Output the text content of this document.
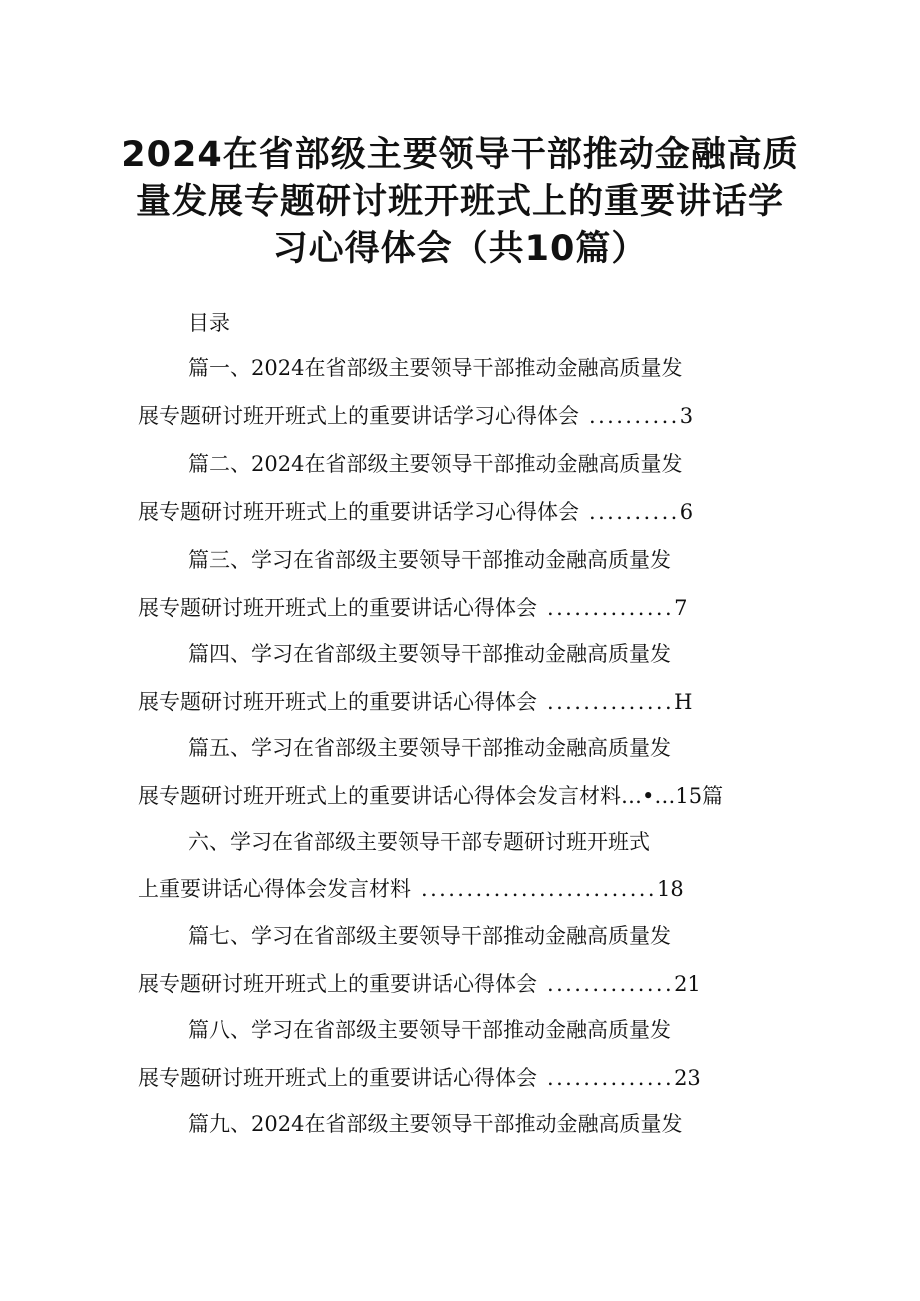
2024在省部级主要领导干部推动金融高质
量发展专题研讨班开班式上的重要讲话学
习心得体会（共10篇）
目录
篇一、2024在省部级主要领导干部推动金融高质量发
展专题研讨班开班式上的重要讲话学习心得体会 ..........3
篇二、2024在省部级主要领导干部推动金融高质量发
展专题研讨班开班式上的重要讲话学习心得体会 ..........6
篇三、学习在省部级主要领导干部推动金融高质量发
展专题研讨班开班式上的重要讲话心得体会 ..............7
篇四、学习在省部级主要领导干部推动金融高质量发
展专题研讨班开班式上的重要讲话心得体会 ..............H
篇五、学习在省部级主要领导干部推动金融高质量发
展专题研讨班开班式上的重要讲话心得体会发言材料…•…15篇
六、学习在省部级主要领导干部专题研讨班开班式
上重要讲话心得体会发言材料 ..........................18
篇七、学习在省部级主要领导干部推动金融高质量发
展专题研讨班开班式上的重要讲话心得体会 ..............21
篇八、学习在省部级主要领导干部推动金融高质量发
展专题研讨班开班式上的重要讲话心得体会 ..............23
篇九、2024在省部级主要领导干部推动金融高质量发
